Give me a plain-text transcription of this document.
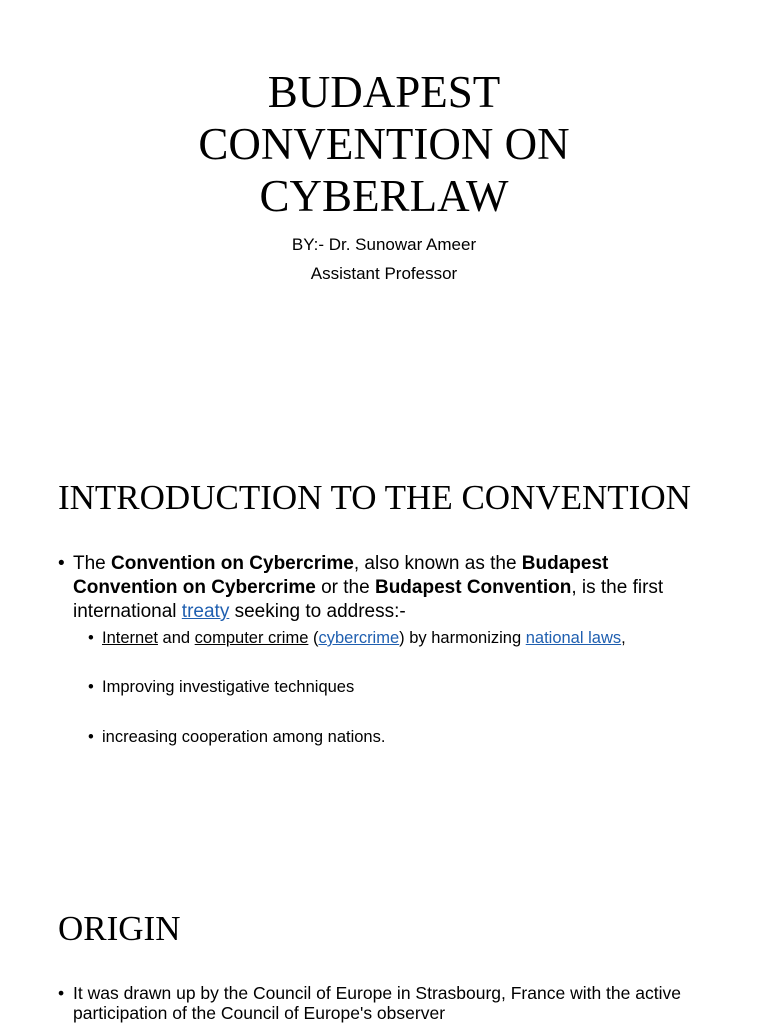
BUDAPEST
CONVENTION ON
CYBERLAW
BY:- Dr. Sunowar Ameer
Assistant Professor
INTRODUCTION TO THE CONVENTION
• The Convention on Cybercrime, also known as the Budapest Convention on Cybercrime or the Budapest Convention, is the first international treaty seeking to address:-
• Internet and computer crime (cybercrime) by harmonizing national laws,
• Improving investigative techniques
• increasing cooperation among nations.
ORIGIN
• It was drawn up by the Council of Europe in Strasbourg, France with the active
participation of the Council of Europe's observer
